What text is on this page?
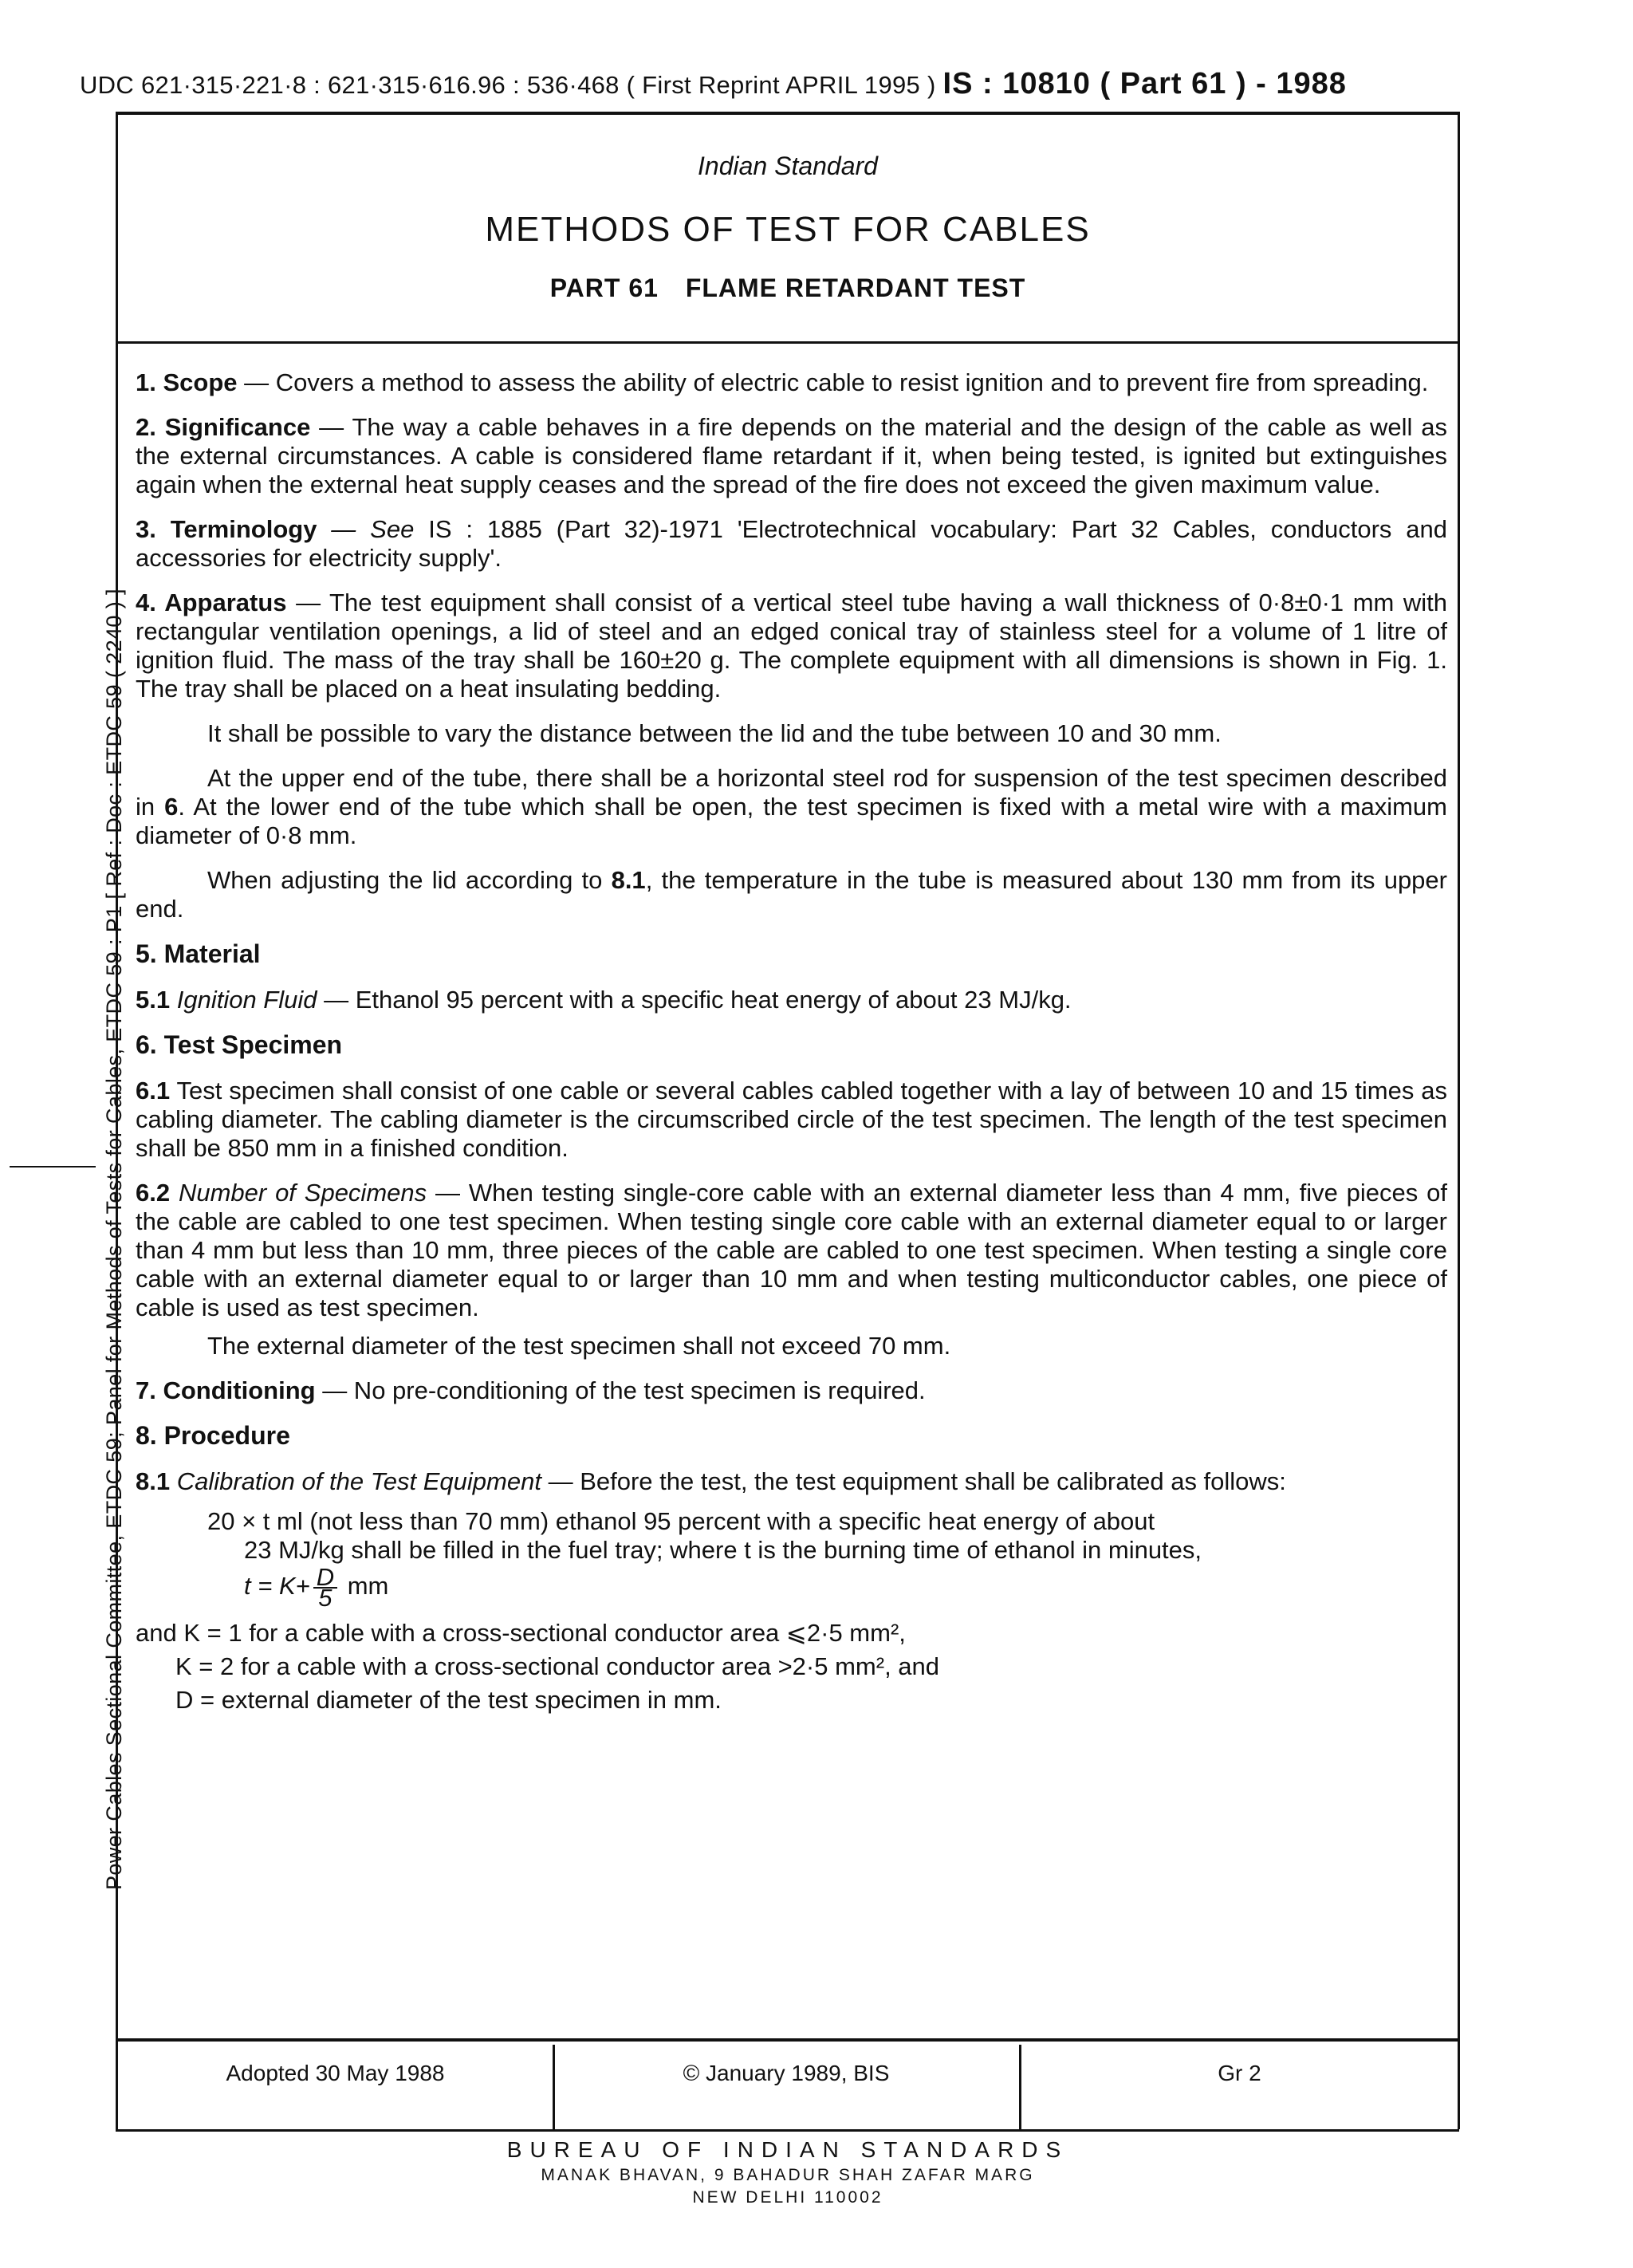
UDC 621·315·221·8 : 621·315·616.96 : 536·468 ( First Reprint APRIL 1995 ) IS : 10810 ( Part 61 ) - 1988
Indian Standard
METHODS OF TEST FOR CABLES
PART 61 FLAME RETARDANT TEST
Power Cables Sectional Committee, ETDC 59; Panel for Methods of Tests for Cables, ETDC 59 : P1 [ Ref : Doc : ETDC 59 ( 2240 ) ]
1. Scope — Covers a method to assess the ability of electric cable to resist ignition and to prevent fire from spreading.
2. Significance — The way a cable behaves in a fire depends on the material and the design of the cable as well as the external circumstances. A cable is considered flame retardant if it, when being tested, is ignited but extinguishes again when the external heat supply ceases and the spread of the fire does not exceed the given maximum value.
3. Terminology — See IS : 1885 (Part 32)-1971 'Electrotechnical vocabulary: Part 32 Cables, conductors and accessories for electricity supply'.
4. Apparatus — The test equipment shall consist of a vertical steel tube having a wall thickness of 0·8±0·1 mm with rectangular ventilation openings, a lid of steel and an edged conical tray of stainless steel for a volume of 1 litre of ignition fluid. The mass of the tray shall be 160±20 g. The complete equipment with all dimensions is shown in Fig. 1. The tray shall be placed on a heat insulating bedding.
It shall be possible to vary the distance between the lid and the tube between 10 and 30 mm.
At the upper end of the tube, there shall be a horizontal steel rod for suspension of the test specimen described in 6. At the lower end of the tube which shall be open, the test specimen is fixed with a metal wire with a maximum diameter of 0·8 mm.
When adjusting the lid according to 8.1, the temperature in the tube is measured about 130 mm from its upper end.
5. Material
5.1 Ignition Fluid — Ethanol 95 percent with a specific heat energy of about 23 MJ/kg.
6. Test Specimen
6.1 Test specimen shall consist of one cable or several cables cabled together with a lay of between 10 and 15 times as cabling diameter. The cabling diameter is the circumscribed circle of the test specimen. The length of the test specimen shall be 850 mm in a finished condition.
6.2 Number of Specimens — When testing single-core cable with an external diameter less than 4 mm, five pieces of the cable are cabled to one test specimen. When testing single core cable with an external diameter equal to or larger than 4 mm but less than 10 mm, three pieces of the cable are cabled to one test specimen. When testing a single core cable with an external diameter equal to or larger than 10 mm and when testing multiconductor cables, one piece of cable is used as test specimen.
The external diameter of the test specimen shall not exceed 70 mm.
7. Conditioning — No pre-conditioning of the test specimen is required.
8. Procedure
8.1 Calibration of the Test Equipment — Before the test, the test equipment shall be calibrated as follows:
20 × t ml (not less than 70 mm) ethanol 95 percent with a specific heat energy of about
23 MJ/kg shall be filled in the fuel tray; where t is the burning time of ethanol in minutes,
$t = K+ \frac{D}{5}$ mm
and K = 1 for a cable with a cross-sectional conductor area ⩽2·5 mm²,
K = 2 for a cable with a cross-sectional conductor area >2·5 mm², and
D = external diameter of the test specimen in mm.
Adopted 30 May 1988	© January 1989, BIS	Gr 2
BUREAU OF INDIAN STANDARDS
MANAK BHAVAN, 9 BAHADUR SHAH ZAFAR MARG
NEW DELHI 110002
